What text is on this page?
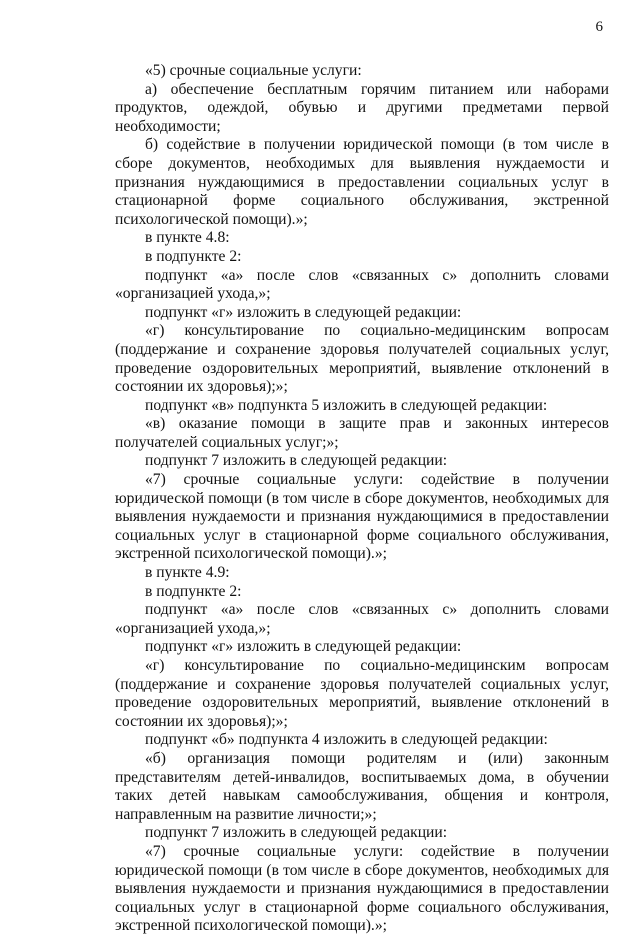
6

«5) срочные социальные услуги:

а) обеспечение бесплатным горячим питанием или наборами продуктов, одеждой, обувью и другими предметами первой необходимости;

б) содействие в получении юридической помощи (в том числе в сборе документов, необходимых для выявления нуждаемости и признания нуждающимися в предоставлении социальных услуг в стационарной форме социального обслуживания, экстренной психологической помощи).»;

в пункте 4.8:

в подпункте 2:

подпункт «а» после слов «связанных с» дополнить словами «организацией ухода,»;

подпункт «г» изложить в следующей редакции:

«г) консультирование по социально-медицинским вопросам (поддержание и сохранение здоровья получателей социальных услуг, проведение оздоровительных мероприятий, выявление отклонений в состоянии их здоровья);»;

подпункт «в» подпункта 5 изложить в следующей редакции:

«в) оказание помощи в защите прав и законных интересов получателей социальных услуг;»;

подпункт 7 изложить в следующей редакции:

«7) срочные социальные услуги: содействие в получении юридической помощи (в том числе в сборе документов, необходимых для выявления нуждаемости и признания нуждающимися в предоставлении социальных услуг в стационарной форме социального обслуживания, экстренной психологической помощи).»;

в пункте 4.9:

в подпункте 2:

подпункт «а» после слов «связанных с» дополнить словами «организацией ухода,»;

подпункт «г» изложить в следующей редакции:

«г) консультирование по социально-медицинским вопросам (поддержание и сохранение здоровья получателей социальных услуг, проведение оздоровительных мероприятий, выявление отклонений в состоянии их здоровья);»;

подпункт «б» подпункта 4 изложить в следующей редакции:

«б) организация помощи родителям и (или) законным представителям детей-инвалидов, воспитываемых дома, в обучении таких детей навыкам самообслуживания, общения и контроля, направленным на развитие личности;»;

подпункт 7 изложить в следующей редакции:

«7) срочные социальные услуги: содействие в получении юридической помощи (в том числе в сборе документов, необходимых для выявления нуждаемости и признания нуждающимися в предоставлении социальных услуг в стационарной форме социального обслуживания, экстренной психологической помощи).»;
